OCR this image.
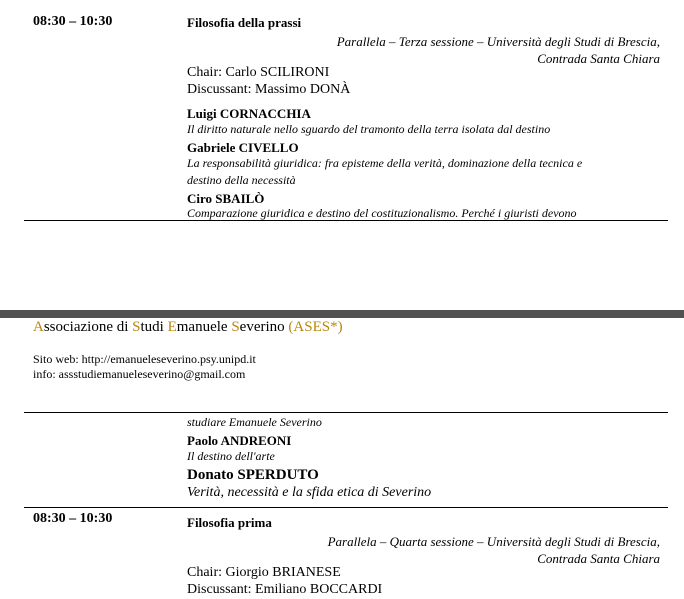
08:30 – 10:30	Filosofia della prassi
Parallela – Terza sessione – Università degli Studi di Brescia,
Contrada Santa Chiara
Chair: Carlo SCILIRONI
Discussant: Massimo DONÀ
Luigi CORNACCHIA
Il diritto naturale nello sguardo del tramonto della terra isolata dal destino
Gabriele CIVELLO
La responsabilità giuridica: fra episteme della verità, dominazione della tecnica e
destino della necessità
Ciro SBAILÒ
Comparazione giuridica e destino del costituzionalismo. Perché i giuristi devono
Associazione di Studi Emanuele Severino (ASES*)
Sito web: http://emanueleseverino.psy.unipd.it
info: assstudiemanueleseverino@gmail.com
studiare Emanuele Severino
Paolo ANDREONI
Il destino dell'arte
Donato SPERDUTO
Verità, necessità e la sfida etica di Severino
08:30 – 10:30	Filosofia prima
Parallela – Quarta sessione – Università degli Studi di Brescia,
Contrada Santa Chiara
Chair: Giorgio BRIANESE
Discussant: Emiliano BOCCARDI
